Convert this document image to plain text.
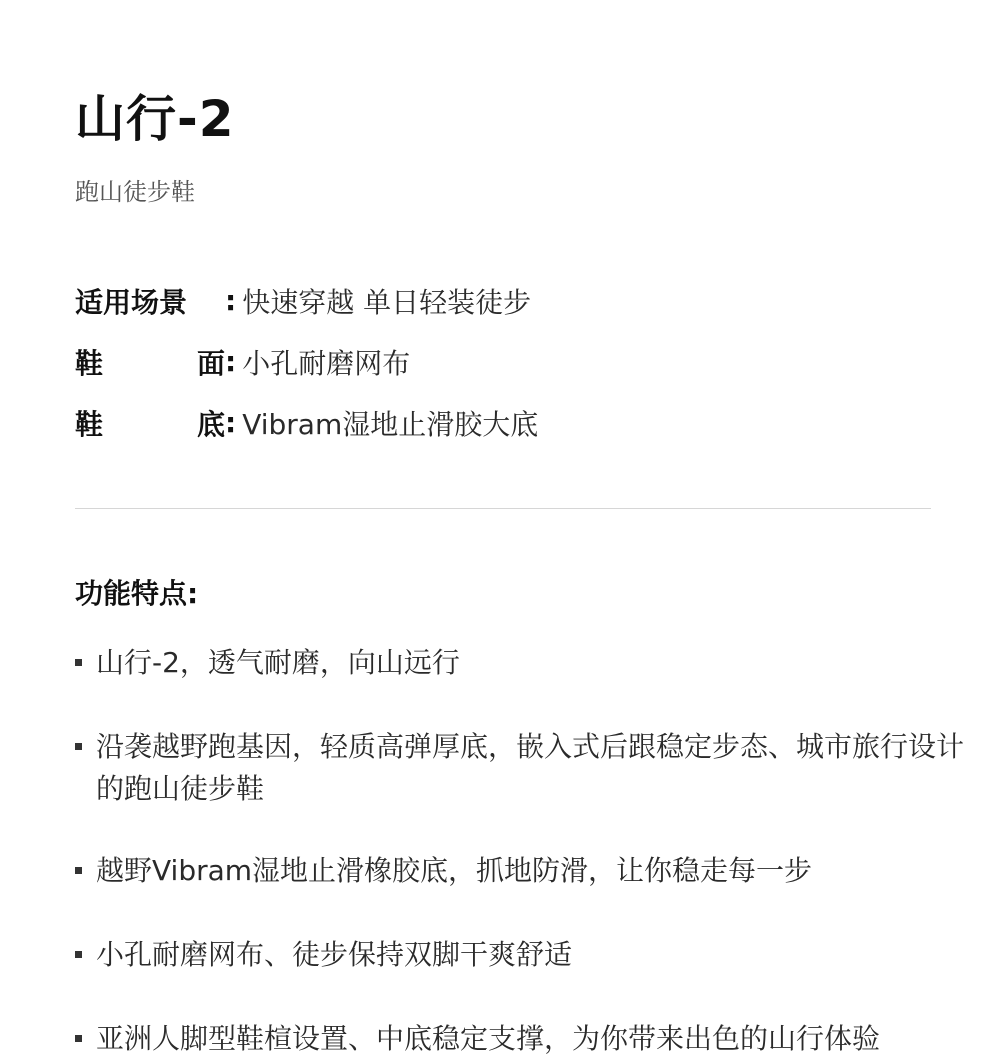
山行-2
跑山徒步鞋
适用场景 : 快速穿越 单日轻装徒步
鞋	面 : 小孔耐磨网布
鞋	底 : Vibram湿地止滑胶大底
功能特点:
山行-2，透气耐磨，向山远行
沿袭越野跑基因，轻质高弹厚底，嵌入式后跟稳定步态、城市旅行设计的跑山徒步鞋
越野Vibram湿地止滑橡胶底，抓地防滑，让你稳走每一步
小孔耐磨网布、徒步保持双脚干爽舒适
亚洲人脚型鞋楦设置、中底稳定支撑，为你带来出色的山行体验
